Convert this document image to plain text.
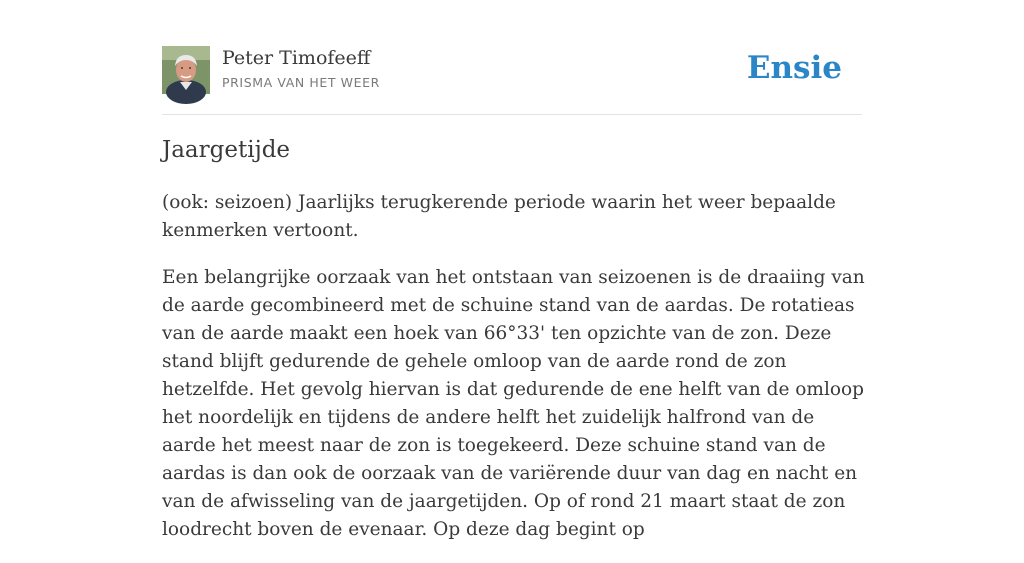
Peter Timofeeff
PRISMA VAN HET WEER	Ensie
Jaargetijde

(ook: seizoen) Jaarlijks terugkerende periode waarin het weer bepaalde kenmerken vertoont.

Een belangrijke oorzaak van het ontstaan van seizoenen is de draaiing van de aarde gecombineerd met de schuine stand van de aardas. De rotatieas van de aarde maakt een hoek van 66°33' ten opzichte van de zon. Deze stand blijft gedurende de gehele omloop van de aarde rond de zon hetzelfde. Het gevolg hiervan is dat gedurende de ene helft van de omloop het noordelijk en tijdens de andere helft het zuidelijk halfrond van de aarde het meest naar de zon is toegekeerd. Deze schuine stand van de aardas is dan ook de oorzaak van de variërende duur van dag en nacht en van de afwisseling van de jaargetijden. Op of rond 21 maart staat de zon loodrecht boven de evenaar. Op deze dag begint op
